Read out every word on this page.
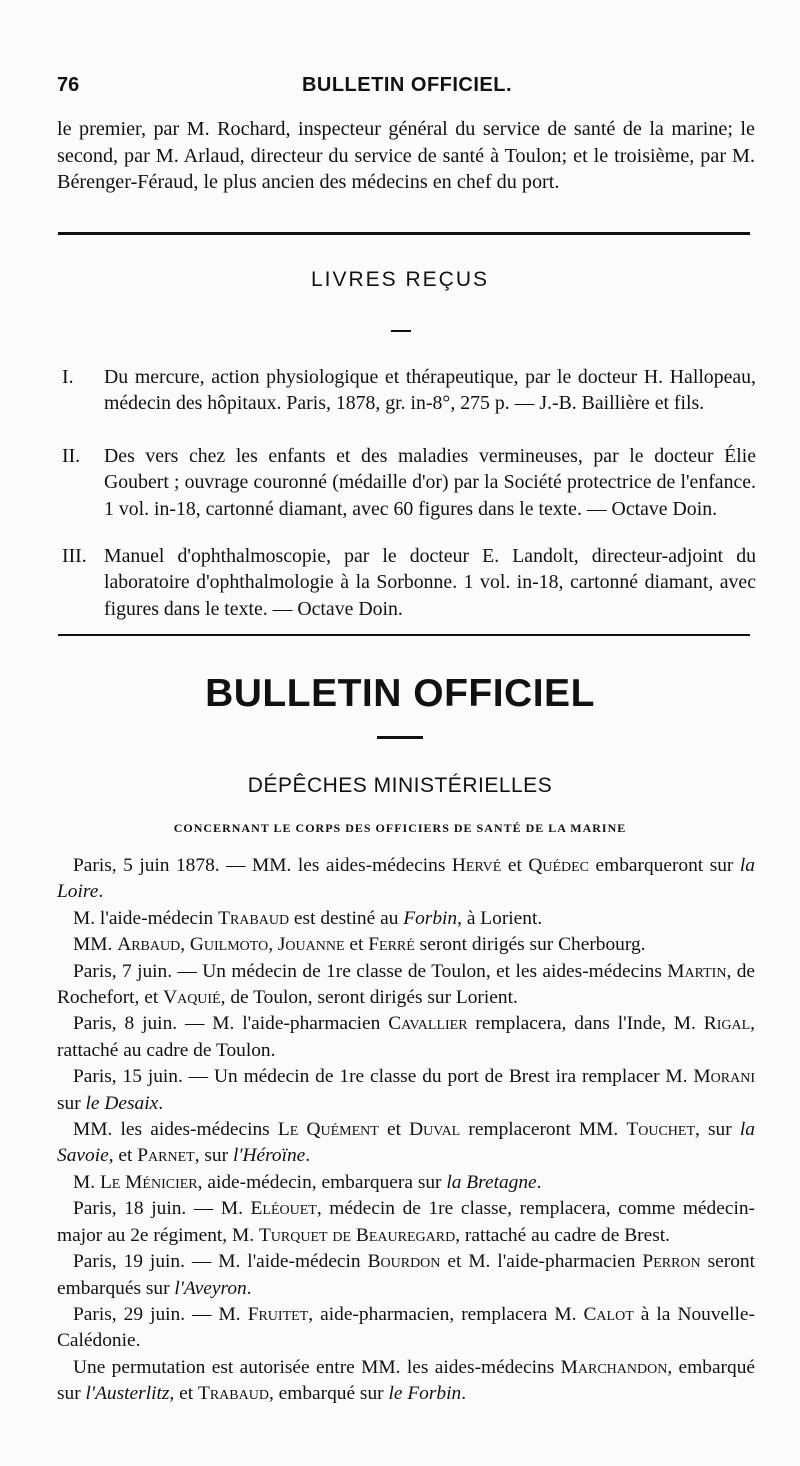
76	BULLETIN OFFICIEL.
le premier, par M. Rochard, inspecteur général du service de santé de la marine; le second, par M. Arlaud, directeur du service de santé à Toulon; et le troisième, par M. Bérenger-Féraud, le plus ancien des médecins en chef du port.
LIVRES REÇUS
I.	Du mercure, action physiologique et thérapeutique, par le docteur H. Hallopeau, médecin des hôpitaux. Paris, 1878, gr. in-8°, 275 p. — J.-B. Baillière et fils.
II.	Des vers chez les enfants et des maladies vermineuses, par le docteur Élie Goubert ; ouvrage couronné (médaille d'or) par la Société protectrice de l'enfance. 1 vol. in-18, cartonné diamant, avec 60 figures dans le texte. — Octave Doin.
III. Manuel d'ophthalmoscopie, par le docteur E. Landolt, directeur-adjoint du laboratoire d'ophthalmologie à la Sorbonne. 1 vol. in-18, cartonné diamant, avec figures dans le texte. — Octave Doin.
BULLETIN OFFICIEL
DÉPÊCHES MINISTÉRIELLES
CONCERNANT LE CORPS DES OFFICIERS DE SANTÉ DE LA MARINE

Paris, 5 juin 1878. — MM. les aides-médecins Hervé et Quédec embarqueront sur la Loire.

M. l'aide-médecin Trabaud est destiné au Forbin, à Lorient.

MM. Arbaud, Guilmoto, Jouanne et Ferré seront dirigés sur Cherbourg.

Paris, 7 juin. — Un médecin de 1re classe de Toulon, et les aides-médecins Martin, de Rochefort, et Vaquié, de Toulon, seront dirigés sur Lorient.

Paris, 8 juin. — M. l'aide-pharmacien Cavallier remplacera, dans l'Inde, M. Rigal, rattaché au cadre de Toulon.

Paris, 15 juin. — Un médecin de 1re classe du port de Brest ira remplacer M. Morani sur le Desaix.

MM. les aides-médecins Le Quément et Duval remplaceront MM. Touchet, sur la Savoie, et Parnet, sur l'Héroïne.

M. Le Ménicier, aide-médecin, embarquera sur la Bretagne.

Paris, 18 juin. — M. Eléouet, médecin de 1re classe, remplacera, comme médecin-major au 2e régiment, M. Turquet de Beauregard, rattaché au cadre de Brest.

Paris, 19 juin. — M. l'aide-médecin Bourdon et M. l'aide-pharmacien Perron seront embarqués sur l'Aveyron.

Paris, 29 juin. — M. Fruitet, aide-pharmacien, remplacera M. Calot à la Nouvelle-Calédonie.

Une permutation est autorisée entre MM. les aides-médecins Marchandon, embarqué sur l'Austerlitz, et Trabaud, embarqué sur le Forbin.
